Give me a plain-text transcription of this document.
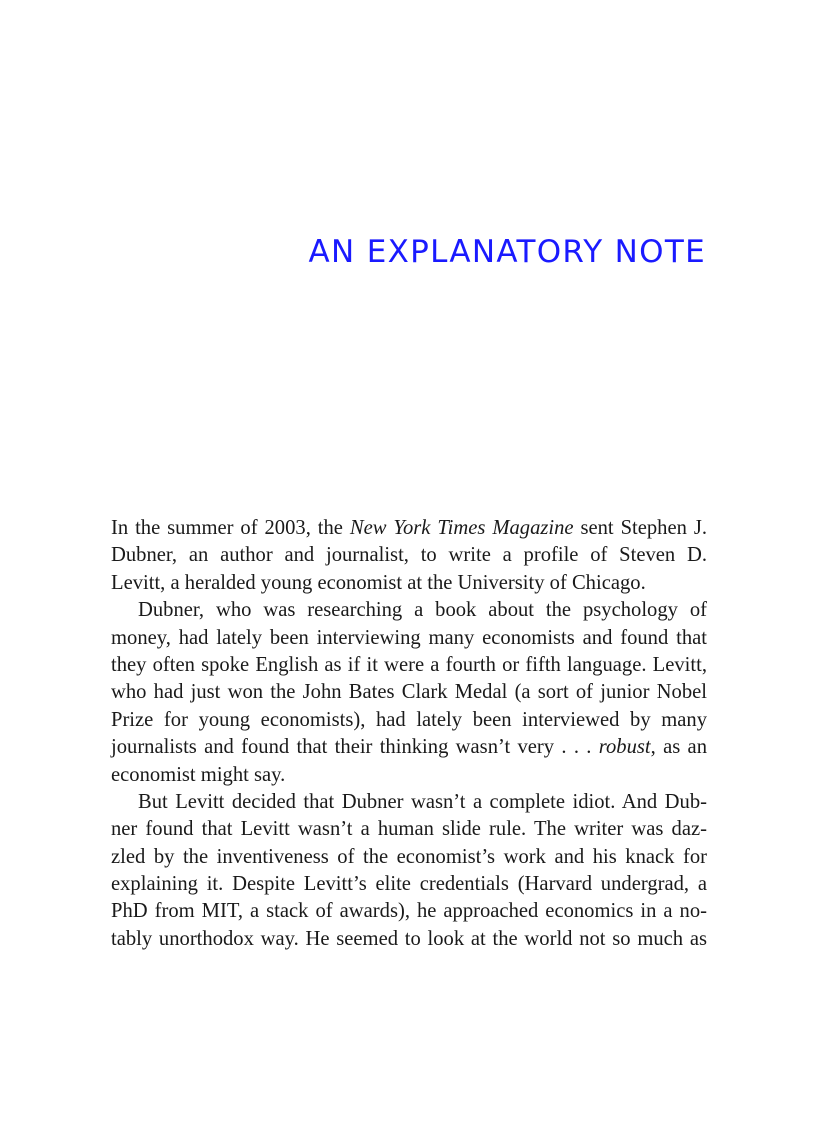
AN EXPLANATORY NOTE
In the summer of 2003, the New York Times Magazine sent Stephen J.
Dubner, an author and journalist, to write a profile of Steven D.
Levitt, a heralded young economist at the University of Chicago.
Dubner, who was researching a book about the psychology of
money, had lately been interviewing many economists and found that
they often spoke English as if it were a fourth or fifth language. Levitt,
who had just won the John Bates Clark Medal (a sort of junior Nobel
Prize for young economists), had lately been interviewed by many
journalists and found that their thinking wasn’t very . . . robust, as an
economist might say.
But Levitt decided that Dubner wasn’t a complete idiot. And Dub-
ner found that Levitt wasn’t a human slide rule. The writer was daz-
zled by the inventiveness of the economist’s work and his knack for
explaining it. Despite Levitt’s elite credentials (Harvard undergrad, a
PhD from MIT, a stack of awards), he approached economics in a no-
tably unorthodox way. He seemed to look at the world not so much as
